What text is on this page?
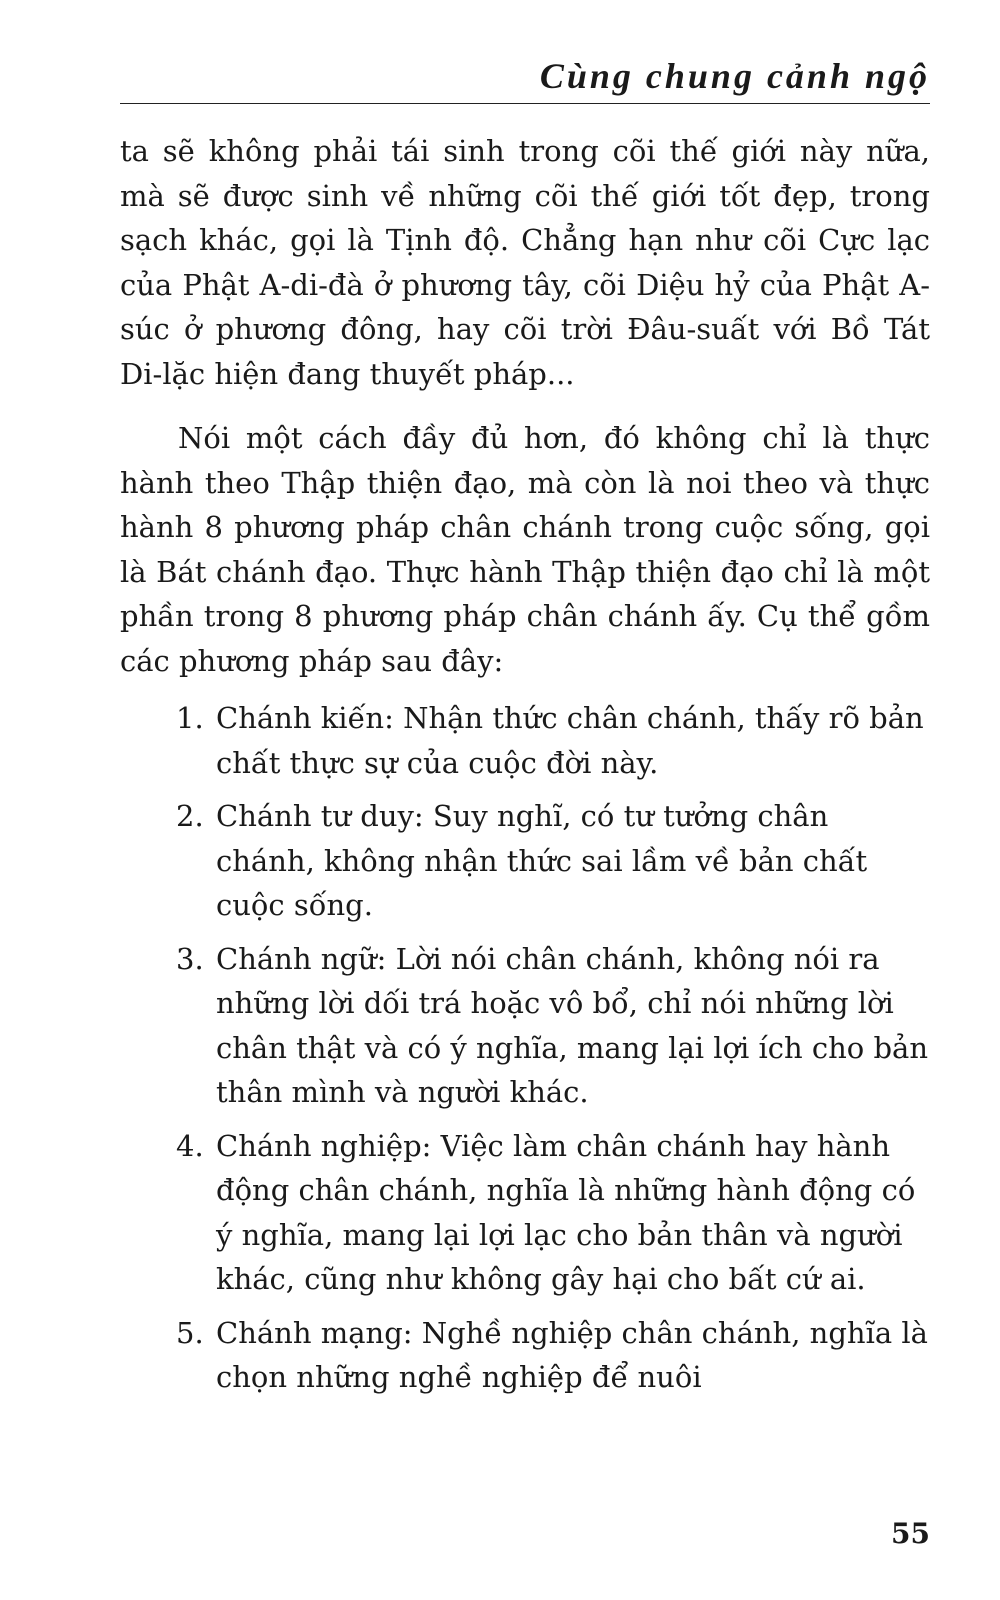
Cùng chung cảnh ngộ

ta sẽ không phải tái sinh trong cõi thế giới này nữa, mà sẽ được sinh về những cõi thế giới tốt đẹp, trong sạch khác, gọi là Tịnh độ. Chẳng hạn như cõi Cực lạc của Phật A-di-đà ở phương tây, cõi Diệu hỷ của Phật A-súc ở phương đông, hay cõi trời Đâu-suất với Bồ Tát Di-lặc hiện đang thuyết pháp...

Nói một cách đầy đủ hơn, đó không chỉ là thực hành theo Thập thiện đạo, mà còn là noi theo và thực hành 8 phương pháp chân chánh trong cuộc sống, gọi là Bát chánh đạo. Thực hành Thập thiện đạo chỉ là một phần trong 8 phương pháp chân chánh ấy. Cụ thể gồm các phương pháp sau đây:

1. Chánh kiến: Nhận thức chân chánh, thấy rõ bản chất thực sự của cuộc đời này.
2. Chánh tư duy: Suy nghĩ, có tư tưởng chân chánh, không nhận thức sai lầm về bản chất cuộc sống.
3. Chánh ngữ: Lời nói chân chánh, không nói ra những lời dối trá hoặc vô bổ, chỉ nói những lời chân thật và có ý nghĩa, mang lại lợi ích cho bản thân mình và người khác.
4. Chánh nghiệp: Việc làm chân chánh hay hành động chân chánh, nghĩa là những hành động có ý nghĩa, mang lại lợi lạc cho bản thân và người khác, cũng như không gây hại cho bất cứ ai.
5. Chánh mạng: Nghề nghiệp chân chánh, nghĩa là chọn những nghề nghiệp để nuôi
55
